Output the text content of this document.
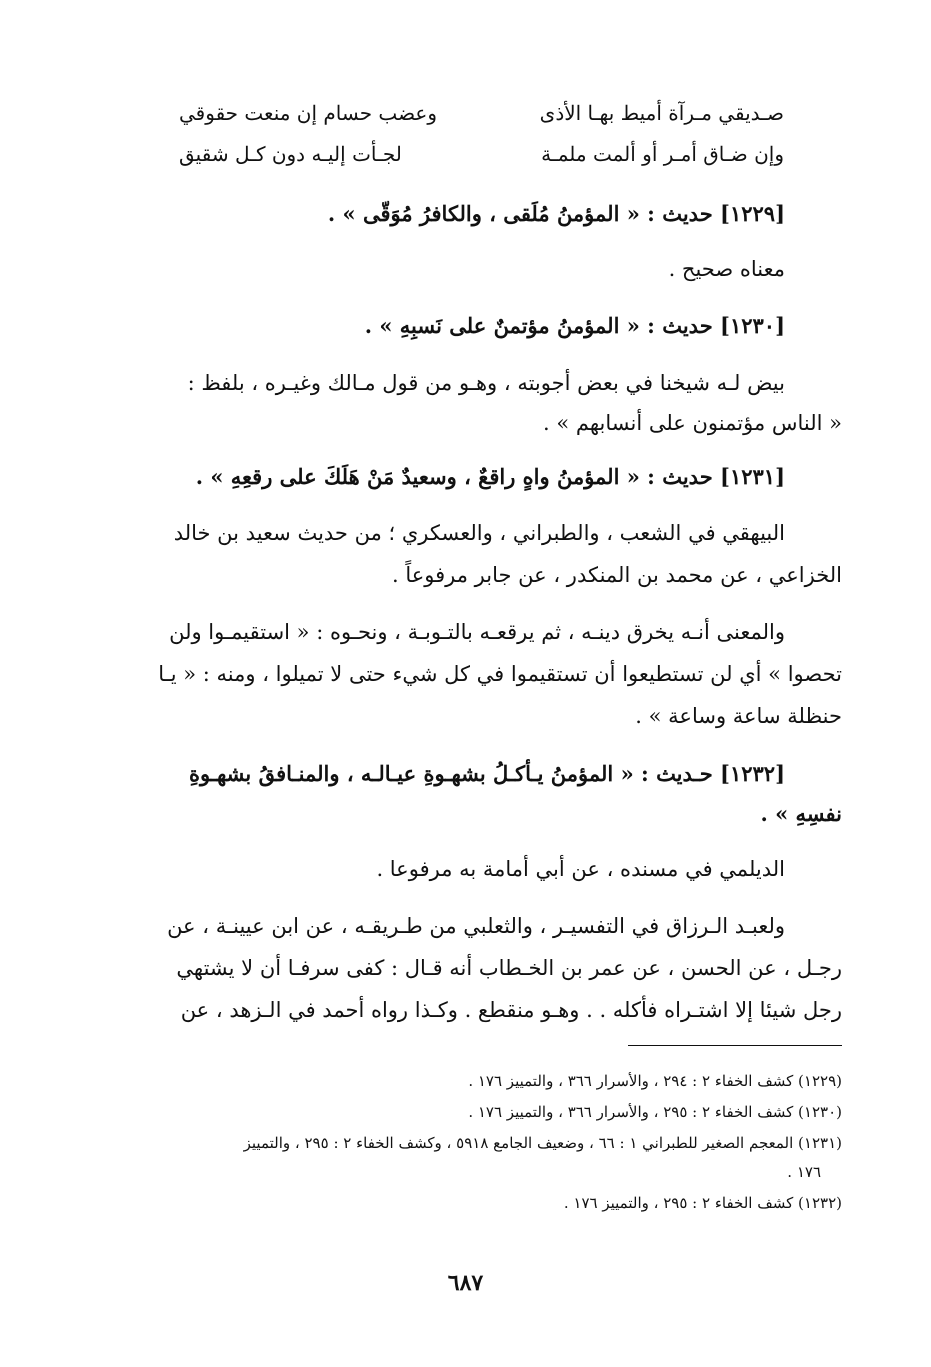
صـديقي مـرآة أميط بهـا الأذى
وعضب حسام إن منعت حقوقي
وإن ضـاق أمـر أو ألمت ملمـة
لجـأت إليـه دون كـل شقيق
[١٢٢٩] حديث : « المؤمنُ مُلَقى ، والكافرُ مُوَقّى » .
معناه صحيح .
[١٢٣٠] حديث : « المؤمنُ مؤتمنٌ على نَسبِهِ » .
بيض لـه شيخنا في بعض أجوبته ، وهـو من قول مـالك وغيـره ، بلفظ :
« الناس مؤتمنون على أنسابهم » .
[١٢٣١] حديث : « المؤمنُ واهٍ راقعٌ ، وسعيدٌ مَنْ هَلَكَ على رقعِهِ » .
البيهقي في الشعب ، والطبراني ، والعسكري ؛ من حديث سعيد بن خالد
الخزاعي ، عن محمد بن المنكدر ، عن جابر مرفوعاً .
والمعنى أنـه يخرق دينـه ، ثم يرقعـه بالتـوبـة ، ونحـوه : « استقيمـوا ولن
تحصوا » أي لن تستطيعوا أن تستقيموا في كل شيء حتى لا تميلوا ، ومنه : « يـا
حنظلة ساعة وساعة » .
[١٢٣٢] حـديث : « المؤمنُ يـأكـلُ بشهـوةِ عيـالـه ، والمنـافقُ بشهـوةِ
نفسِهِ » .
الديلمي في مسنده ، عن أبي أمامة به مرفوعا .
ولعبـد الـرزاق في التفسيـر ، والثعلبي من طـريقـه ، عن ابن عيينـة ، عن
رجـل ، عن الحسن ، عن عمر بن الخـطاب أنه قـال : كفى سرفـا أن لا يشتهي
رجل شيئا إلا اشتـراه فأكله . . وهـو منقطع . وكـذا رواه أحمد في الـزهد ، عن
(١٢٢٩) كشف الخفاء ٢ : ٢٩٤ ، والأسرار ٣٦٦ ، والتمييز ١٧٦ .
(١٢٣٠) كشف الخفاء ٢ : ٢٩٥ ، والأسرار ٣٦٦ ، والتمييز ١٧٦ .
(١٢٣١) المعجم الصغير للطبراني ١ : ٦٦ ، وضعيف الجامع ٥٩١٨ ، وكشف الخفاء ٢ : ٢٩٥ ، والتمييز
١٧٦ .
(١٢٣٢) كشف الخفاء ٢ : ٢٩٥ ، والتمييز ١٧٦ .
٦٨٧
